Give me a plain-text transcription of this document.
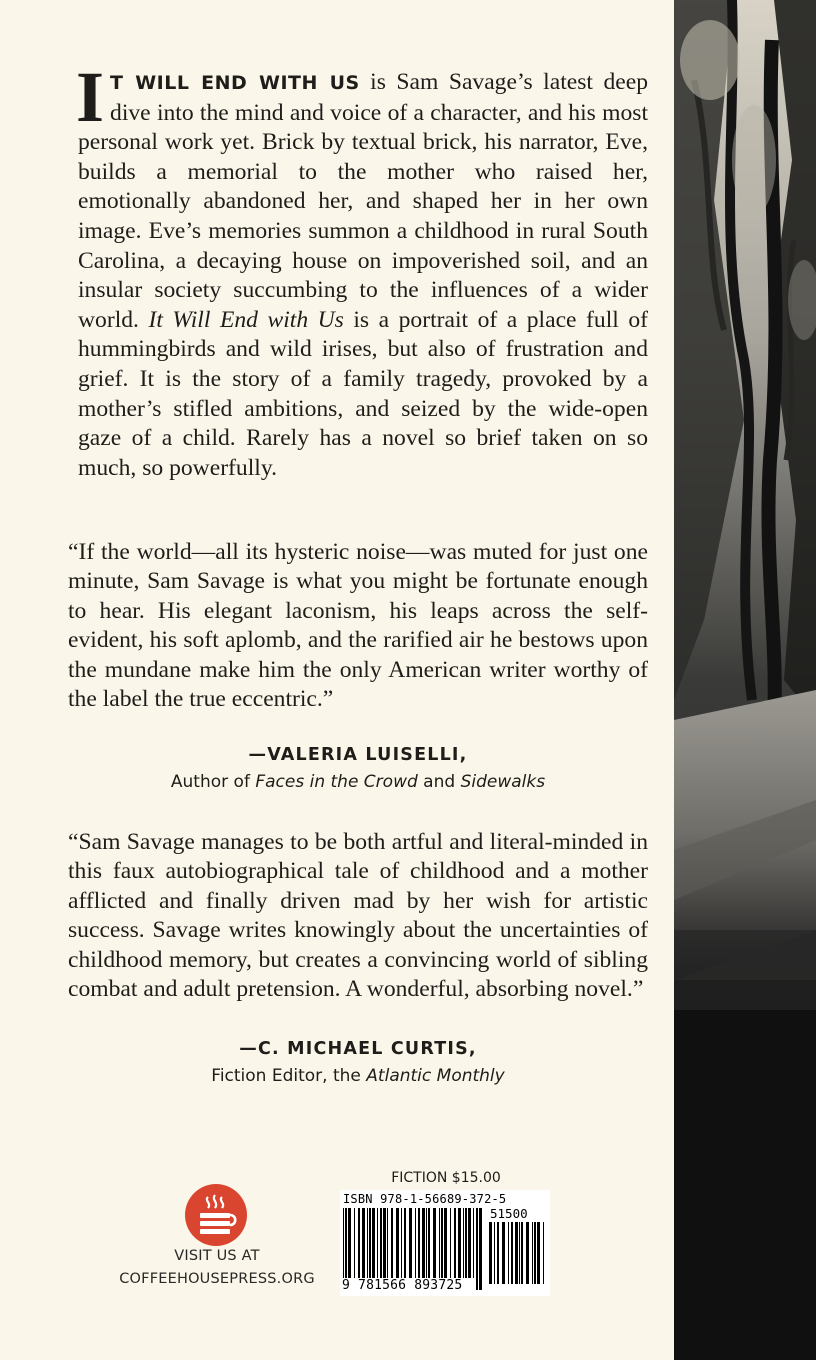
I T WILL END WITH US is Sam Savage’s latest deep dive into the mind and voice of a character, and his most personal work yet. Brick by textual brick, his narrator, Eve, builds a memorial to the mother who raised her, emotionally abandoned her, and shaped her in her own image. Eve’s memories summon a childhood in rural South Carolina, a decaying house on impoverished soil, and an insular society succumbing to the influences of a wider world. It Will End with Us is a portrait of a place full of hummingbirds and wild irises, but also of frustration and grief. It is the story of a family tragedy, provoked by a mother’s stifled ambitions, and seized by the wide-open gaze of a child. Rarely has a novel so brief taken on so much, so powerfully.
“If the world—all its hysteric noise—was muted for just one minute, Sam Savage is what you might be fortunate enough to hear. His elegant laconism, his leaps across the self-evident, his soft aplomb, and the rarified air he bestows upon the mundane make him the only American writer worthy of the label the true eccentric.”
—VALERIA LUISELLI,
Author of Faces in the Crowd and Sidewalks
“Sam Savage manages to be both artful and literal-minded in this faux autobiographical tale of childhood and a mother afflicted and finally driven mad by her wish for artistic success. Savage writes knowingly about the uncertainties of childhood memory, but creates a convincing world of sibling combat and adult pretension. A wonderful, absorbing novel.”
—C. MICHAEL CURTIS,
Fiction Editor, the Atlantic Monthly
VISIT US AT
COFFEEHOUSEPRESS.ORG
FICTION $15.00
ISBN 978-1-56689-372-5
51500
9 781566 893725
